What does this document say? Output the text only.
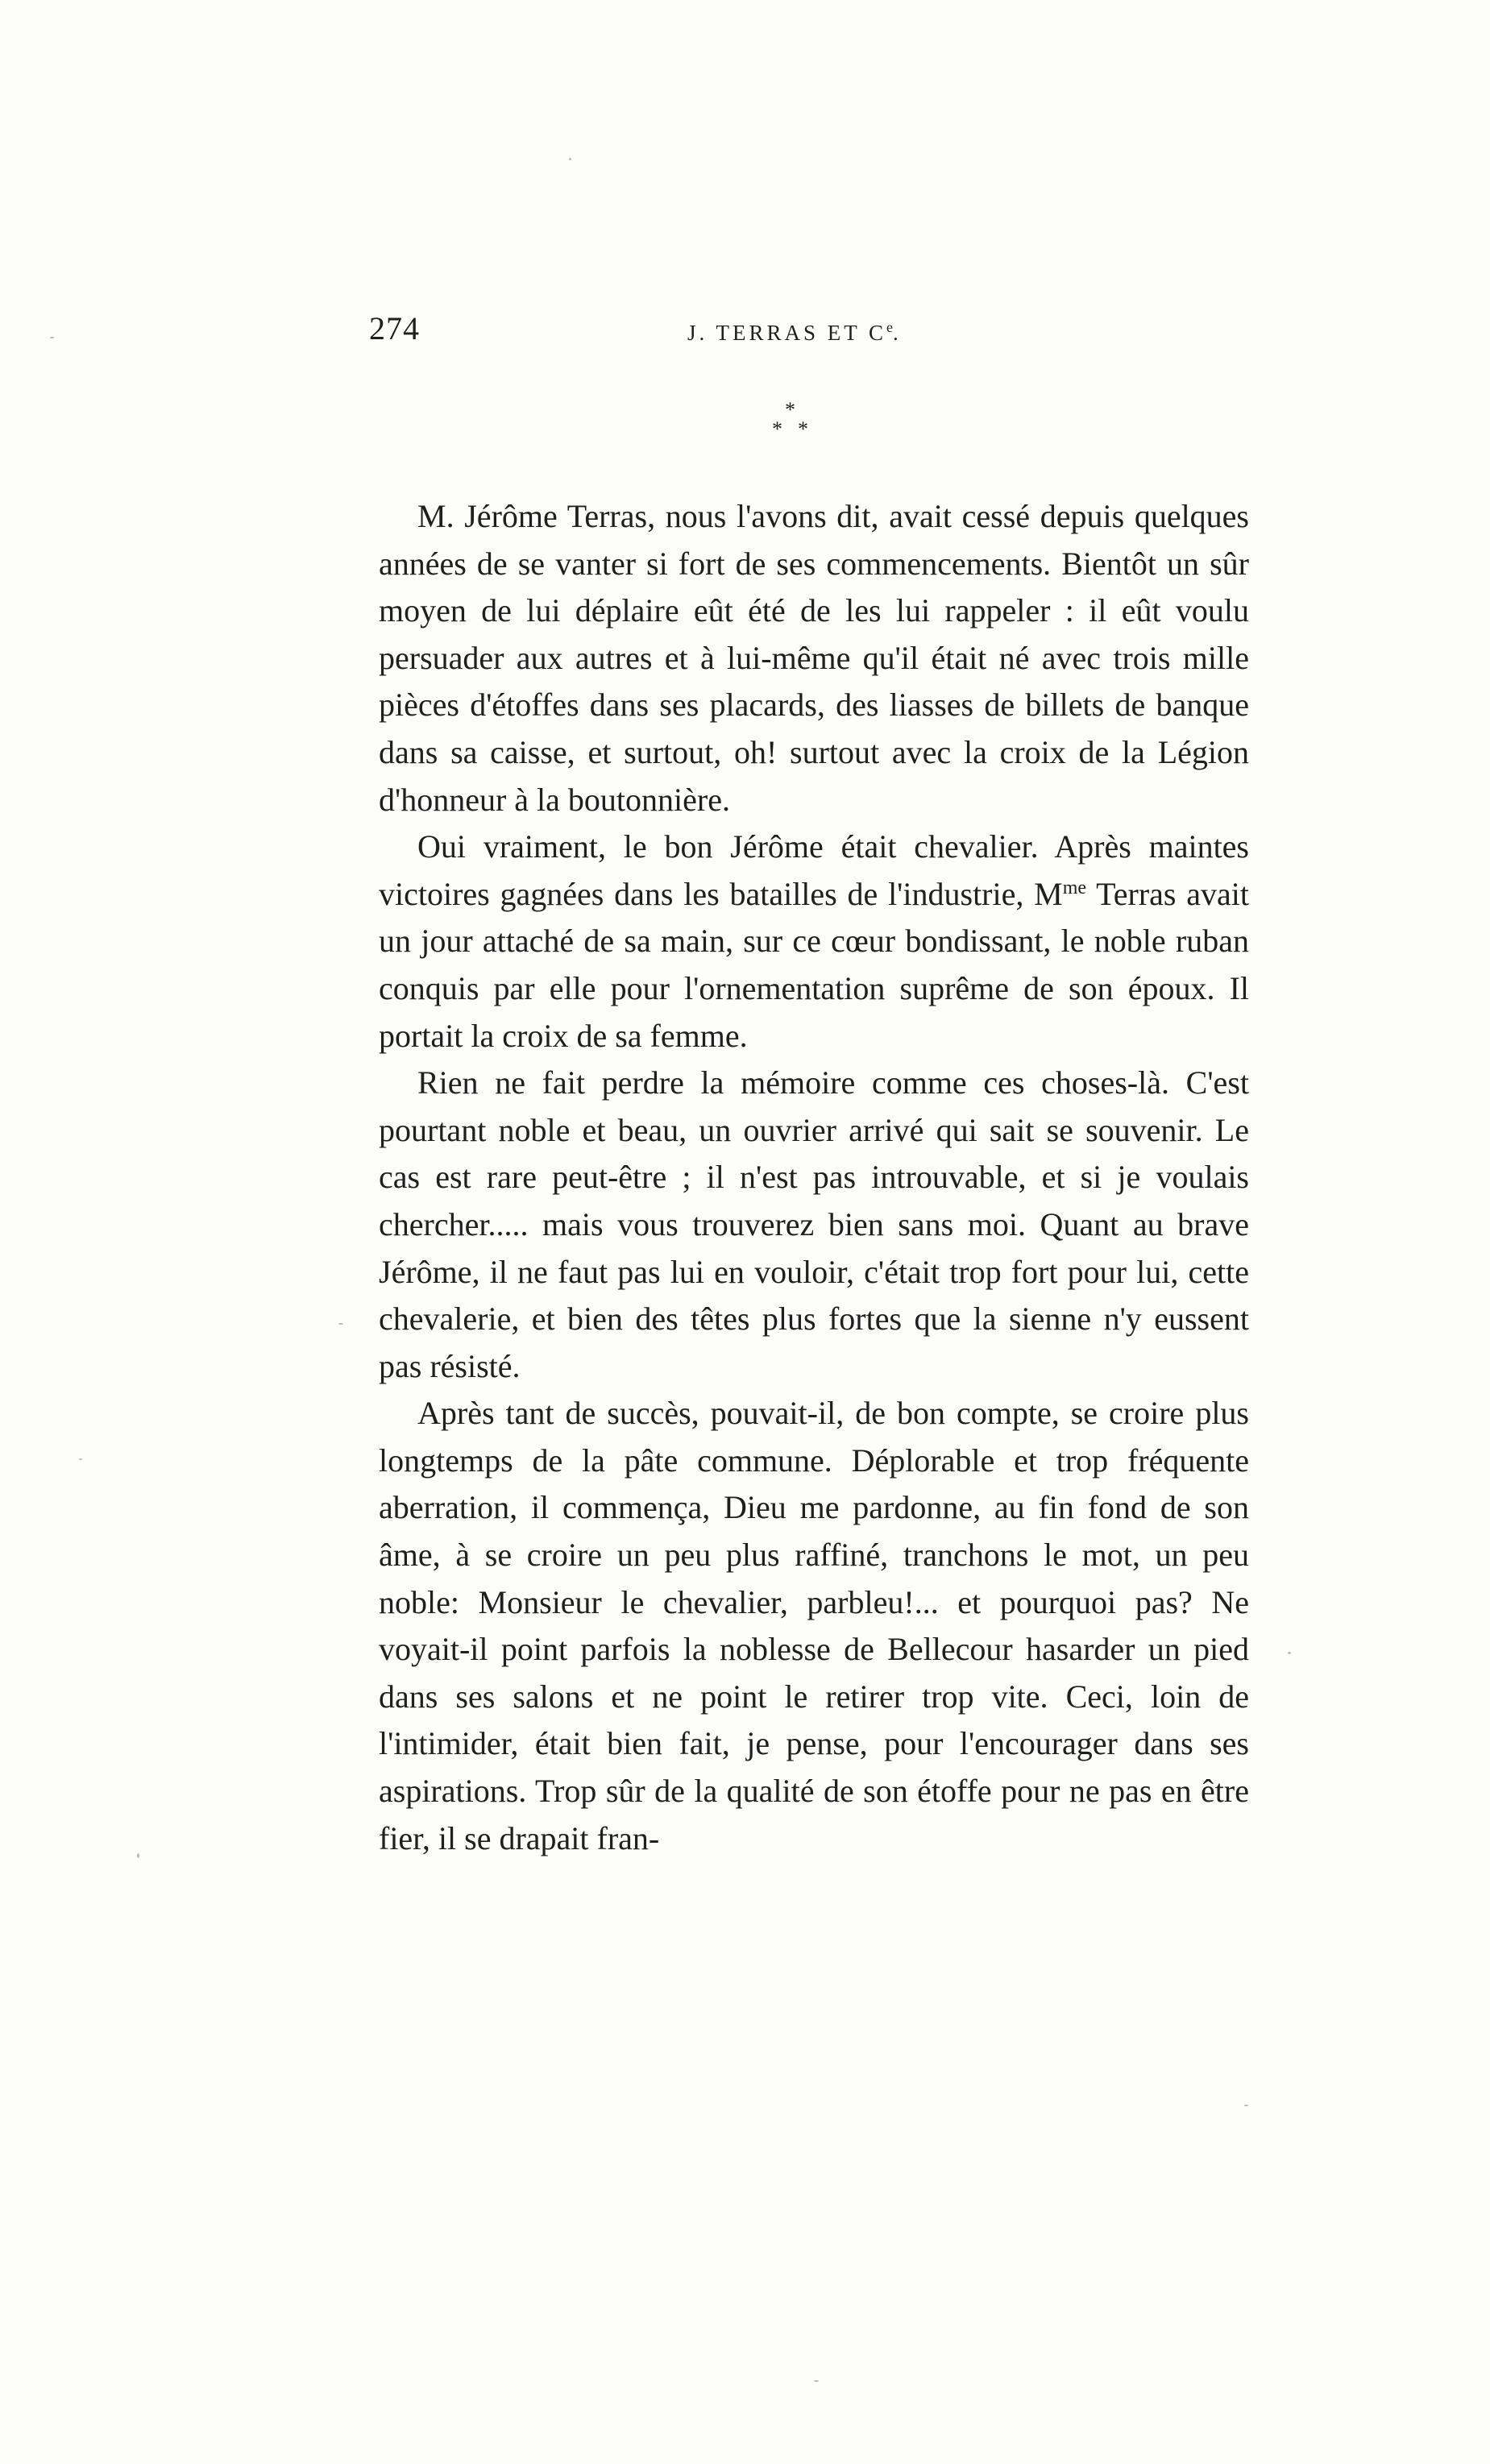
274	J. TERRAS ET Ce.
*
* *

M. Jérôme Terras, nous l'avons dit, avait cessé depuis quelques années de se vanter si fort de ses commencements. Bientôt un sûr moyen de lui déplaire eût été de les lui rappeler : il eût voulu persuader aux autres et à lui-même qu'il était né avec trois mille pièces d'étoffes dans ses placards, des liasses de billets de banque dans sa caisse, et surtout, oh! surtout avec la croix de la Légion d'honneur à la boutonnière.

Oui vraiment, le bon Jérôme était chevalier. Après maintes victoires gagnées dans les batailles de l'industrie, $M^{me}$ Terras avait un jour attaché de sa main, sur ce cœur bondissant, le noble ruban conquis par elle pour l'ornementation suprême de son époux. Il portait la croix de sa femme.

Rien ne fait perdre la mémoire comme ces choses-là. C'est pourtant noble et beau, un ouvrier arrivé qui sait se souvenir. Le cas est rare peut-être ; il n'est pas introuvable, et si je voulais chercher..... mais vous trouverez bien sans moi. Quant au brave Jérôme, il ne faut pas lui en vouloir, c'était trop fort pour lui, cette chevalerie, et bien des têtes plus fortes que la sienne n'y eussent pas résisté.

Après tant de succès, pouvait-il, de bon compte, se croire plus longtemps de la pâte commune. Déplorable et trop fréquente aberration, il commença, Dieu me pardonne, au fin fond de son âme, à se croire un peu plus raffiné, tranchons le mot, un peu noble: Monsieur le chevalier, parbleu!... et pourquoi pas? Ne voyait-il point parfois la noblesse de Bellecour hasarder un pied dans ses salons et ne point le retirer trop vite. Ceci, loin de l'intimider, était bien fait, je pense, pour l'encourager dans ses aspirations. Trop sûr de la qualité de son étoffe pour ne pas en être fier, il se drapait fran-
